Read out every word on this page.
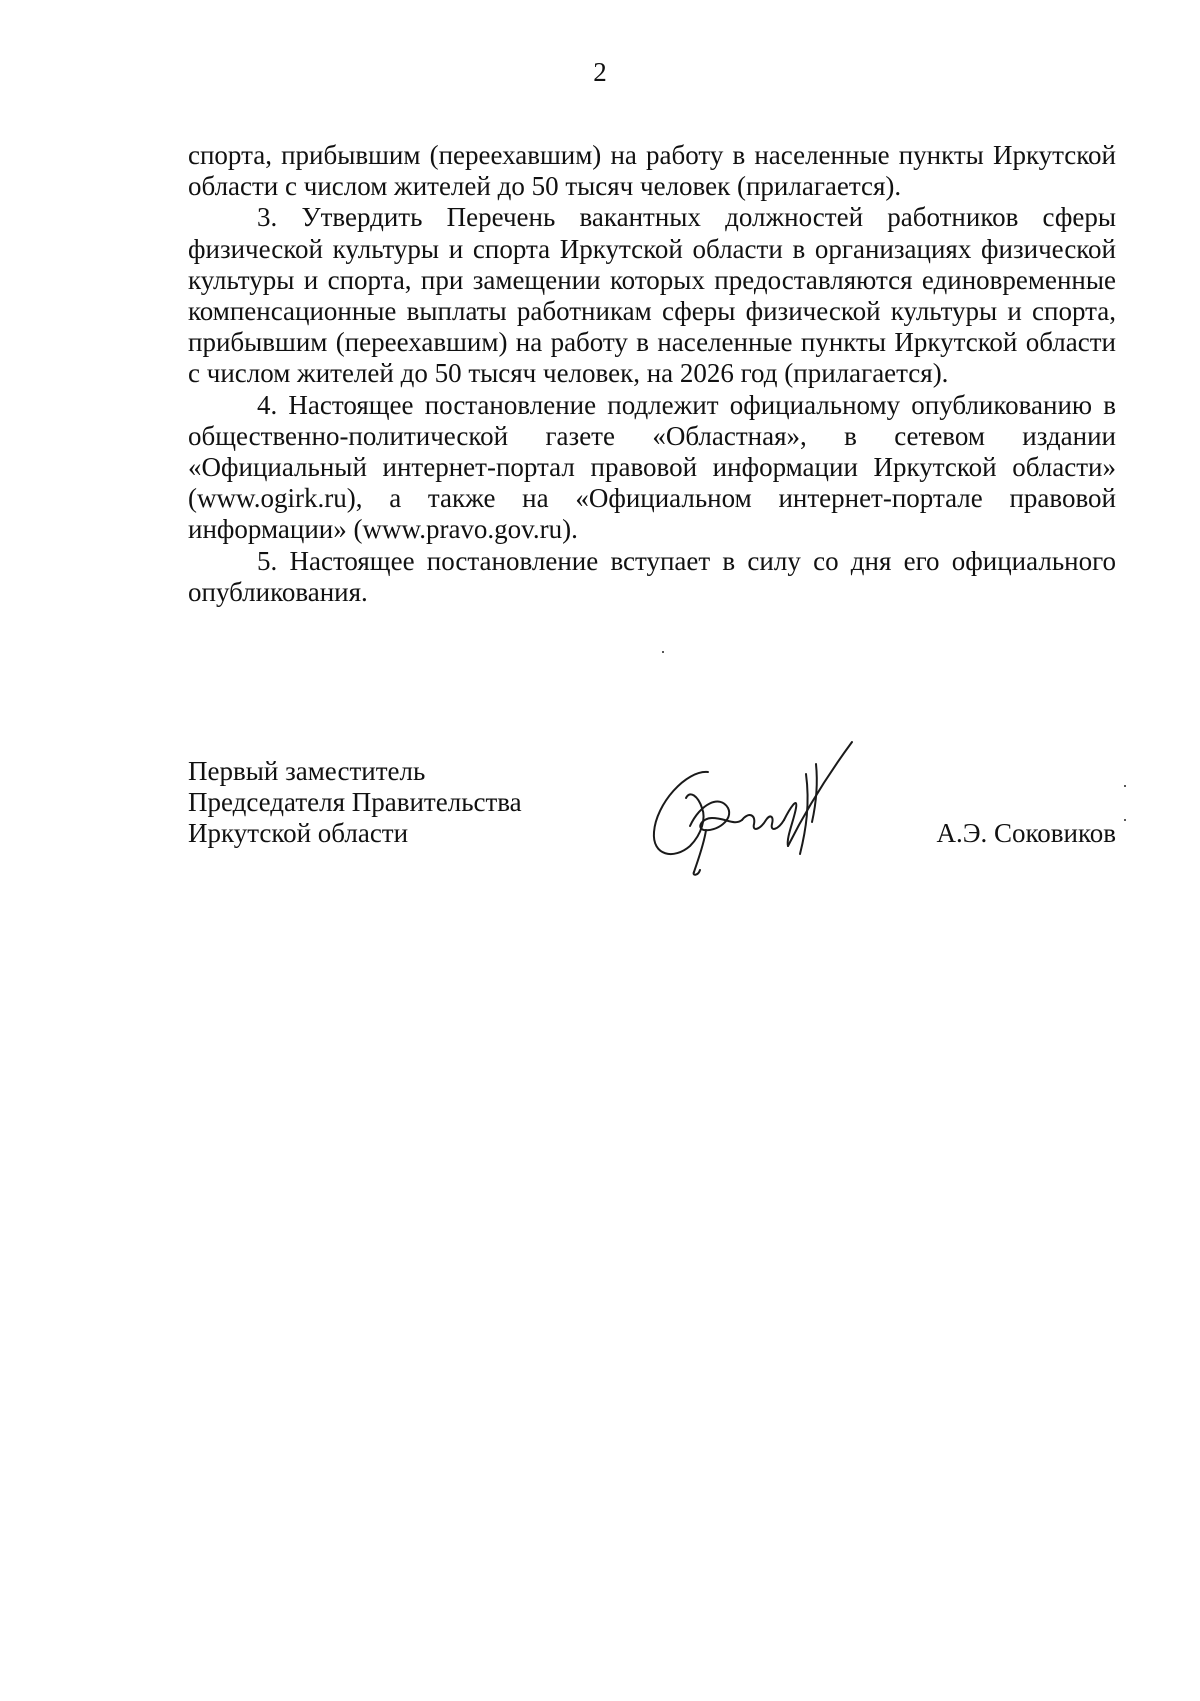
2

спорта, прибывшим (переехавшим) на работу в населенные пункты Иркутской области с числом жителей до 50 тысяч человек (прилагается).

3. Утвердить Перечень вакантных должностей работников сферы физической культуры и спорта Иркутской области в организациях физической культуры и спорта, при замещении которых предоставляются единовременные компенсационные выплаты работникам сферы физической культуры и спорта, прибывшим (переехавшим) на работу в населенные пункты Иркутской области с числом жителей до 50 тысяч человек, на 2026 год (прилагается).

4. Настоящее постановление подлежит официальному опубликованию в общественно-политической газете «Областная», в сетевом издании «Официальный интернет-портал правовой информации Иркутской области» (www.ogirk.ru), а также на «Официальном интернет-портале правовой информации» (www.pravo.gov.ru).

5. Настоящее постановление вступает в силу со дня его официального опубликования.

Первый заместитель
Председателя Правительства
Иркутской области	А.Э. Соковиков
